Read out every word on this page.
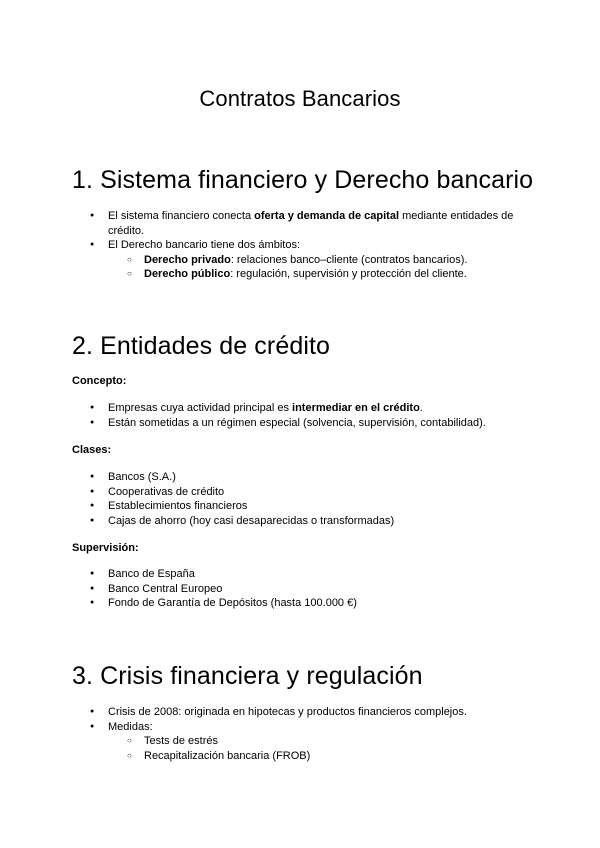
Contratos Bancarios
1. Sistema financiero y Derecho bancario
● El sistema financiero conecta oferta y demanda de capital mediante entidades de crédito.
● El Derecho bancario tiene dos ámbitos:
○ Derecho privado: relaciones banco–cliente (contratos bancarios).
○ Derecho público: regulación, supervisión y protección del cliente.
2. Entidades de crédito
Concepto:
● Empresas cuya actividad principal es intermediar en el crédito.
● Están sometidas a un régimen especial (solvencia, supervisión, contabilidad).
Clases:
● Bancos (S.A.)
● Cooperativas de crédito
● Establecimientos financieros
● Cajas de ahorro (hoy casi desaparecidas o transformadas)
Supervisión:
● Banco de España
● Banco Central Europeo
● Fondo de Garantía de Depósitos (hasta 100.000 €)
3. Crisis financiera y regulación
● Crisis de 2008: originada en hipotecas y productos financieros complejos.
● Medidas:
○ Tests de estrés
○ Recapitalización bancaria (FROB)
